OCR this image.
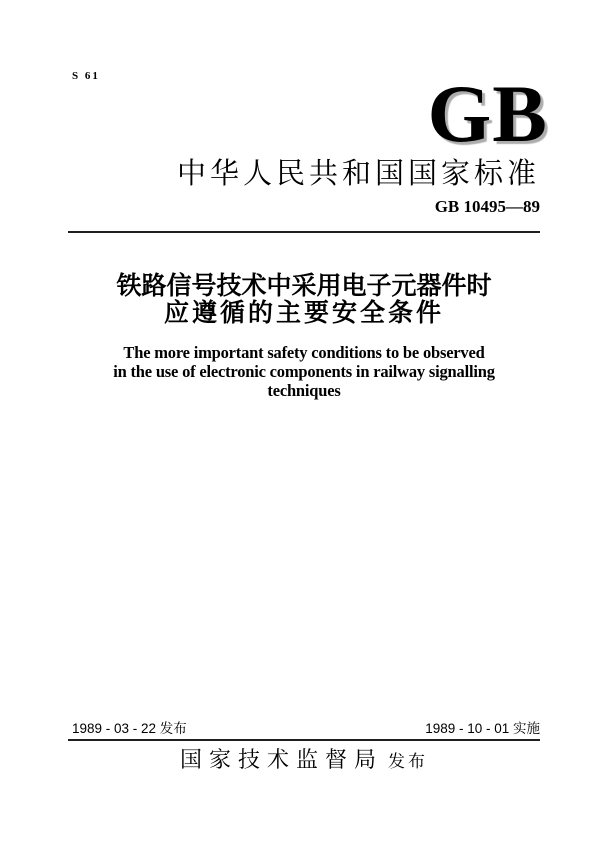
S 61	GB
中华人民共和国国家标准
GB 10495—89
铁路信号技术中采用电子元器件时
应遵循的主要安全条件
The more important safety conditions to be observed
in the use of electronic components in railway signalling
techniques
1989 - 03 - 22 发布	1989 - 10 - 01 实施
国家技术监督局 发布
